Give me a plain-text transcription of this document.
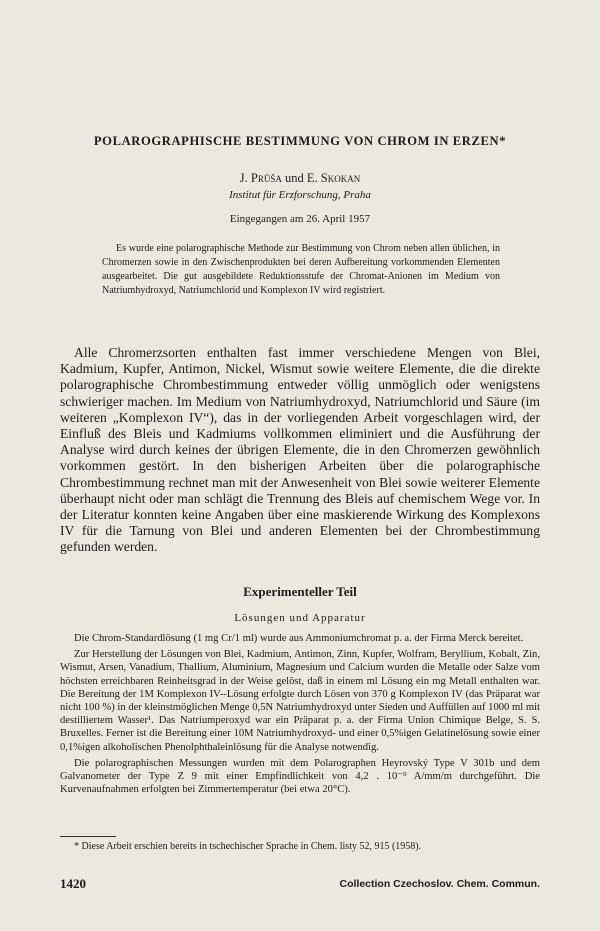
POLAROGRAPHISCHE BESTIMMUNG VON CHROM IN ERZEN*
J. Průša und E. Skokan
Institut für Erzforschung, Praha
Eingegangen am 26. April 1957
Es wurde eine polarographische Methode zur Bestimmung von Chrom neben allen üblichen, in Chromerzen sowie in den Zwischenprodukten bei deren Aufbereitung vorkommenden Elementen ausgearbeitet. Die gut ausgebildete Reduktionsstufe der Chromat-Anionen im Medium von Natriumhydroxyd, Natriumchlorid und Komplexon IV wird registriert.
Alle Chromerzsorten enthalten fast immer verschiedene Mengen von Blei, Kadmium, Kupfer, Antimon, Nickel, Wismut sowie weitere Elemente, die die direkte polarographische Chrombestimmung entweder völlig unmöglich oder wenigstens schwieriger machen. Im Medium von Natriumhydroxyd, Natriumchlorid und Säure (im weiteren „Komplexon IV“), das in der vorliegenden Arbeit vorgeschlagen wird, der Einfluß des Bleis und Kadmiums vollkommen eliminiert und die Ausführung der Analyse wird durch keines der übrigen Elemente, die in den Chromerzen gewöhnlich vorkommen gestört. In den bisherigen Arbeiten über die polarographische Chrombestimmung rechnet man mit der Anwesenheit von Blei sowie weiterer Elemente überhaupt nicht oder man schlägt die Trennung des Bleis auf chemischem Wege vor. In der Literatur konnten keine Angaben über eine maskierende Wirkung des Komplexons IV für die Tarnung von Blei und anderen Elementen bei der Chrombestimmung gefunden werden.
Experimenteller Teil
Lösungen und Apparatur

Die Chrom-Standardlösung (1 mg Cr/1 ml) wurde aus Ammoniumchromat p. a. der Firma Merck bereitet.

Zur Herstellung der Lösungen von Blei, Kadmium, Antimon, Zinn, Kupfer, Wolfram, Beryllium, Kobalt, Zin, Wismut, Arsen, Vanadium, Thallium, Aluminium, Magnesium und Calcium wurden die Metalle oder Salze vom höchsten erreichbaren Reinheitsgrad in der Weise gelöst, daß in einem ml Lösung ein mg Metall enthalten war. Die Bereitung der 1M Komplexon IV--Lösung erfolgte durch Lösen von 370 g Komplexon IV (das Präparat war nicht 100 %) in der kleinstmöglichen Menge 0,5N Natriumhydroxyd unter Sieden und Auffüllen auf 1000 ml mit destilliertem Wasser¹. Das Natriumperoxyd war ein Präparat p. a. der Firma Union Chimique Belge, S. S. Bruxelles. Ferner ist die Bereitung einer 10M Natriumhydroxyd- und einer 0,5%igen Gelatinelösung sowie einer 0,1%igen alkoholischen Phenolphthaleinlösung für die Analyse notwendig.

Die polarographischen Messungen wurden mit dem Polarographen Heyrovský Type V 301b und dem Galvanometer der Type Z 9 mit einer Empfindlichkeit von 4,2 . 10⁻⁹ A/mm/m durchgeführt. Die Kurvenaufnahmen erfolgten bei Zimmertemperatur (bei etwa 20°C).

* Diese Arbeit erschien bereits in tschechischer Sprache in Chem. listy 52, 915 (1958).
1420	Collection Czechoslov. Chem. Commun.
